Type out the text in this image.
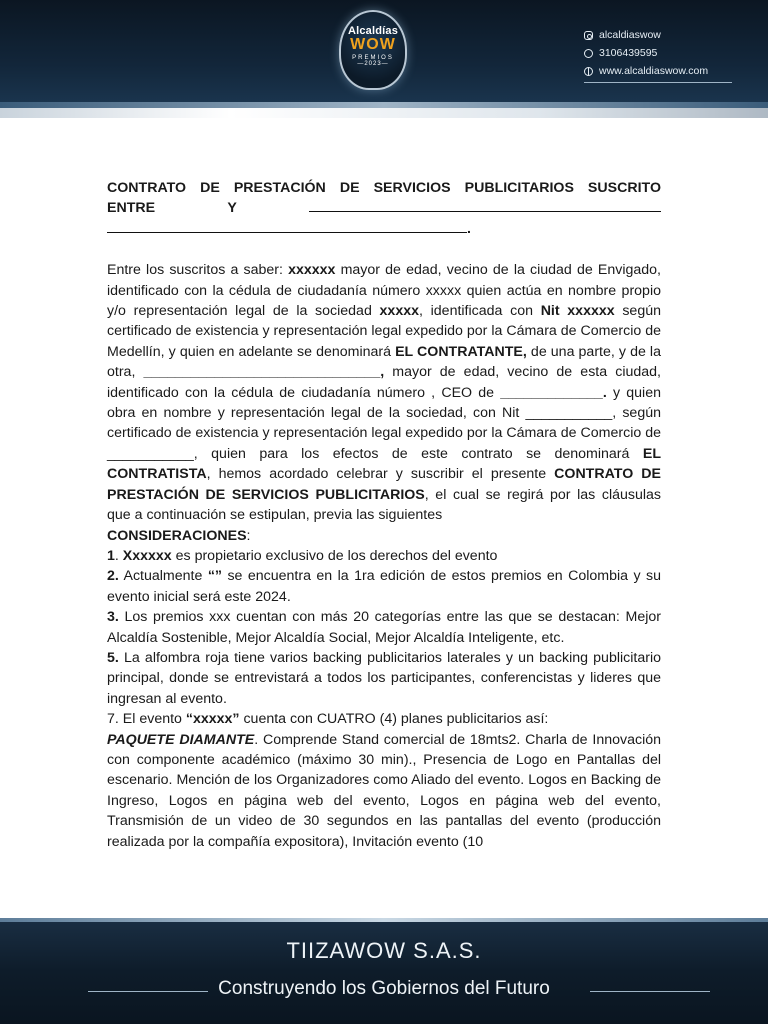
Alcaldías
WOW
PREMIOS
—2023—
alcaldiaswow
3106439595
www.alcaldiaswow.com
CONTRATO DE PRESTACIÓN DE SERVICIOS PUBLICITARIOS SUSCRITO
ENTRE	Y
.

Entre los suscritos a saber: xxxxxx mayor de edad, vecino de la ciudad de Envigado, identificado con la cédula de ciudadanía número xxxxx quien actúa en nombre propio y/o representación legal de la sociedad xxxxx, identificada con Nit xxxxxx según certificado de existencia y representación legal expedido por la Cámara de Comercio de Medellín, y quien en adelante se denominará EL CONTRATANTE, de una parte, y de la otra, ______________________________, mayor de edad, vecino de esta ciudad, identificado con la cédula de ciudadanía número , CEO de _____________. y quien obra en nombre y representación legal de la sociedad, con Nit ___________, según certificado de existencia y representación legal expedido por la Cámara de Comercio de ___________, quien para los efectos de este contrato se denominará EL CONTRATISTA, hemos acordado celebrar y suscribir el presente CONTRATO DE PRESTACIÓN DE SERVICIOS PUBLICITARIOS, el cual se regirá por las cláusulas que a continuación se estipulan, previa las siguientes

CONSIDERACIONES:

1. Xxxxxx es propietario exclusivo de los derechos del evento

2. Actualmente “” se encuentra en la 1ra edición de estos premios en Colombia y su evento inicial será este 2024.

3. Los premios xxx cuentan con más 20 categorías entre las que se destacan: Mejor Alcaldía Sostenible, Mejor Alcaldía Social, Mejor Alcaldía Inteligente, etc.

5. La alfombra roja tiene varios backing publicitarios laterales y un backing publicitario principal, donde se entrevistará a todos los participantes, conferencistas y lideres que ingresan al evento.

7. El evento “xxxxx” cuenta con CUATRO (4) planes publicitarios así:

PAQUETE DIAMANTE. Comprende Stand comercial de 18mts2. Charla de Innovación con componente académico (máximo 30 min)., Presencia de Logo en Pantallas del escenario. Mención de los Organizadores como Aliado del evento. Logos en Backing de Ingreso, Logos en página web del evento, Logos en página web del evento, Transmisión de un video de 30 segundos en las pantallas del evento (producción realizada por la compañía expositora), Invitación evento (10

TIIZAWOW S.A.S.
Construyendo los Gobiernos del Futuro
